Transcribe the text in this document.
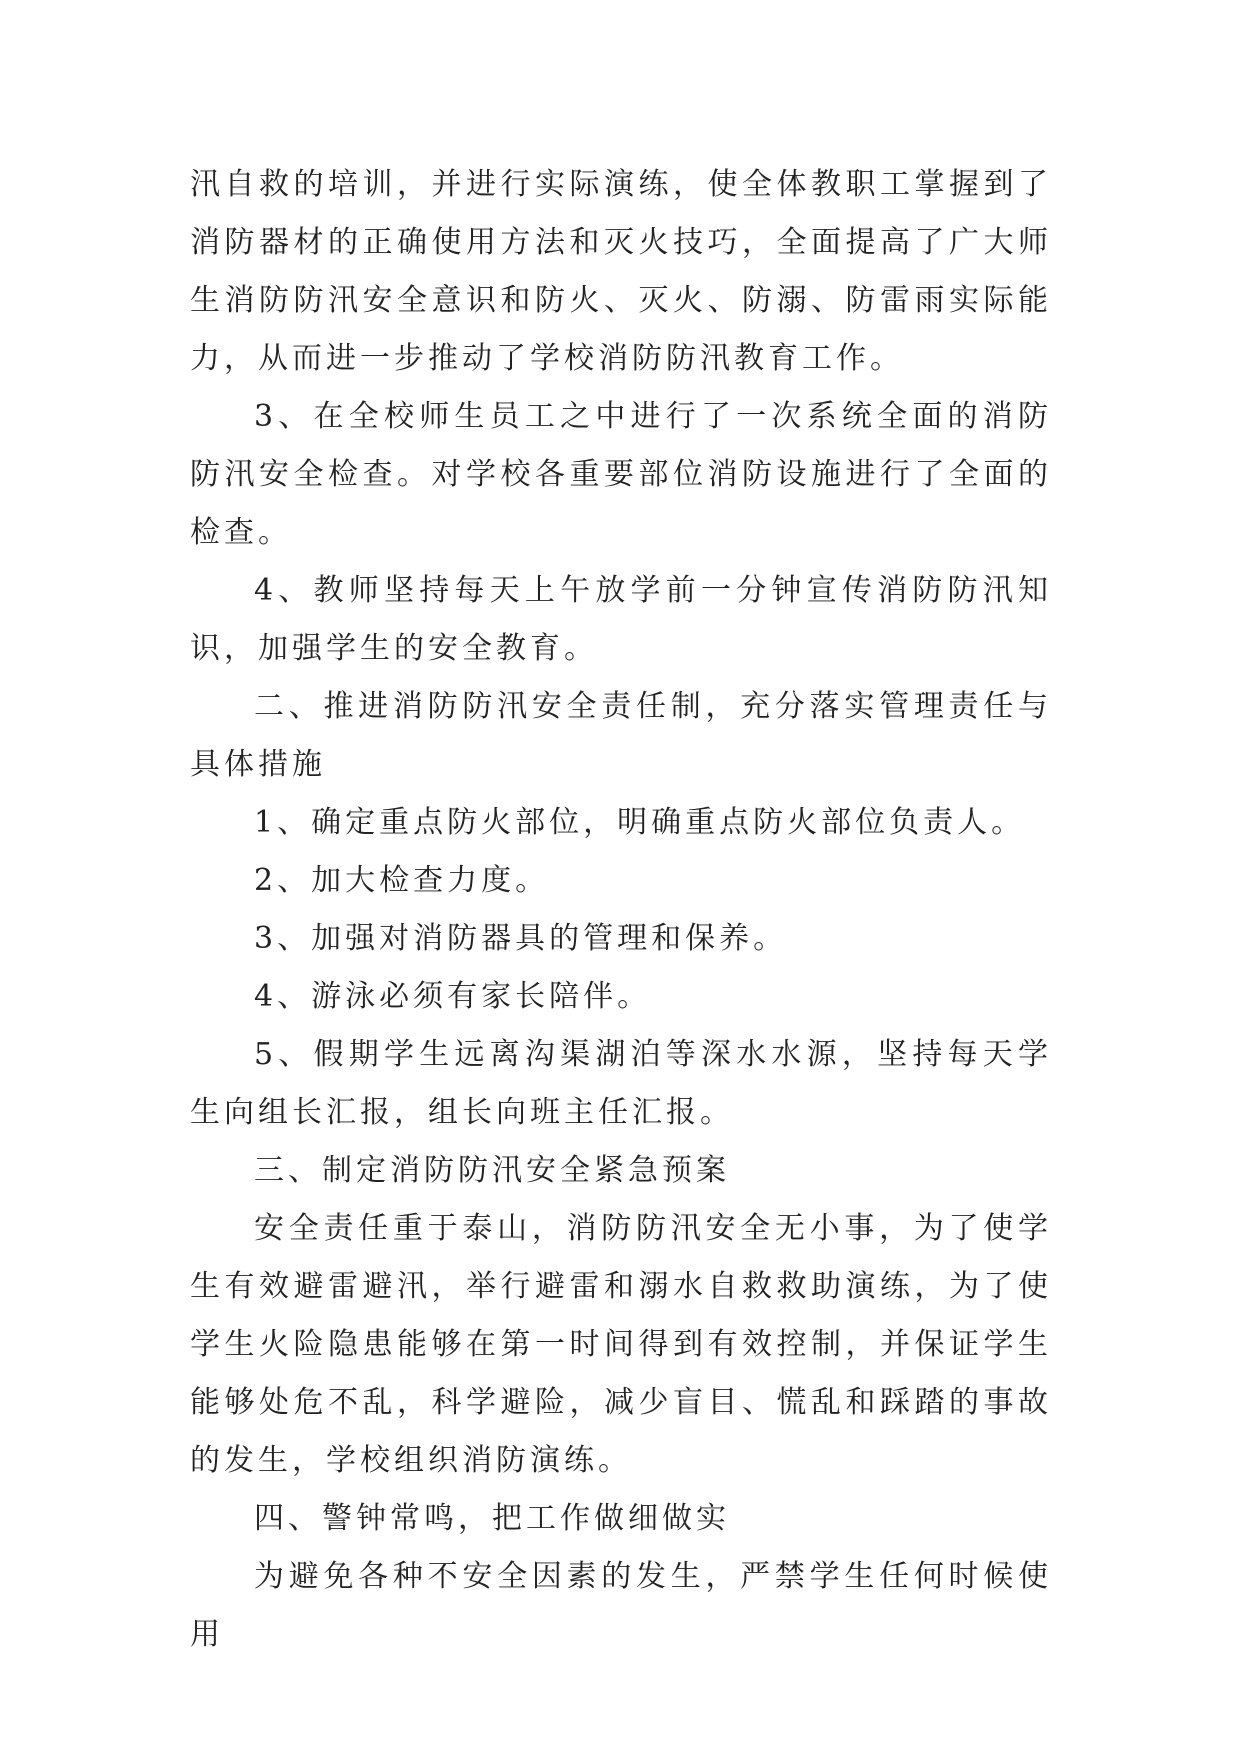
汛自救的培训，并进行实际演练，使全体教职工掌握到了消防器材的正确使用方法和灭火技巧，全面提高了广大师生消防防汛安全意识和防火、灭火、防溺、防雷雨实际能力，从而进一步推动了学校消防防汛教育工作。

3、在全校师生员工之中进行了一次系统全面的消防防汛安全检查。对学校各重要部位消防设施进行了全面的检查。

4、教师坚持每天上午放学前一分钟宣传消防防汛知识，加强学生的安全教育。

二、推进消防防汛安全责任制，充分落实管理责任与具体措施

1、确定重点防火部位，明确重点防火部位负责人。

2、加大检查力度。

3、加强对消防器具的管理和保养。

4、游泳必须有家长陪伴。

5、假期学生远离沟渠湖泊等深水水源，坚持每天学生向组长汇报，组长向班主任汇报。

三、制定消防防汛安全紧急预案

安全责任重于泰山，消防防汛安全无小事，为了使学生有效避雷避汛，举行避雷和溺水自救救助演练，为了使学生火险隐患能够在第一时间得到有效控制，并保证学生能够处危不乱，科学避险，减少盲目、慌乱和踩踏的事故的发生，学校组织消防演练。

四、警钟常鸣，把工作做细做实

为避免各种不安全因素的发生，严禁学生任何时候使用
